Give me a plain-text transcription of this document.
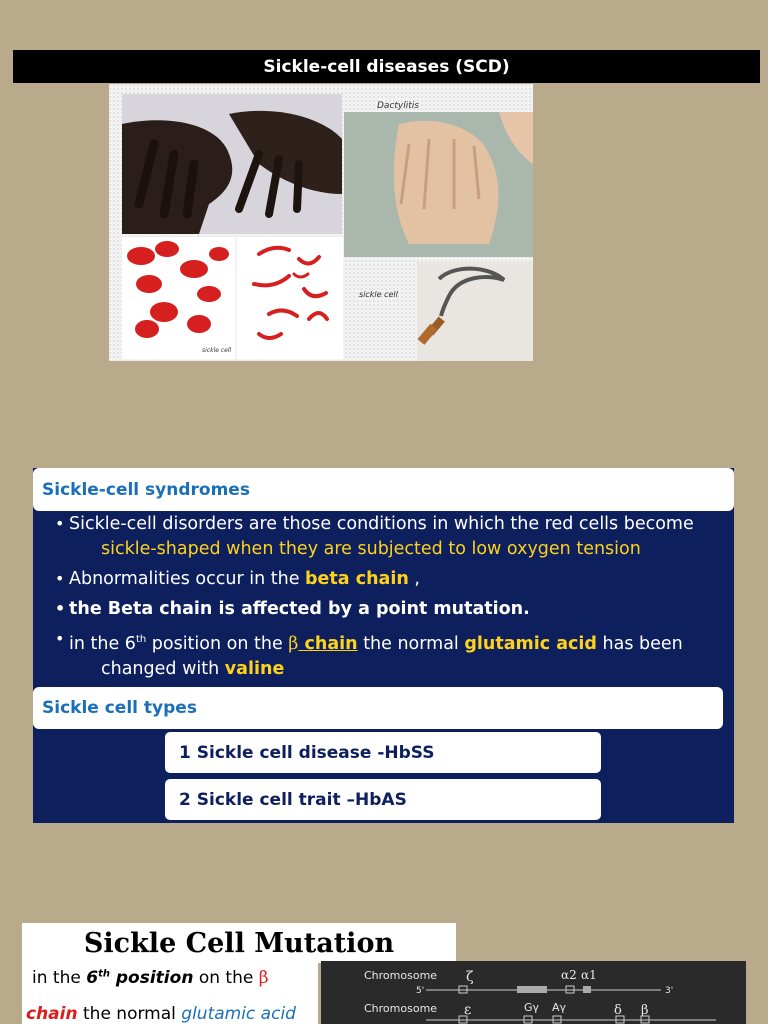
Sickle-cell diseases (SCD)
Dactylitis
sickle cell
sickle cell
Sickle-cell syndromes
• Sickle-cell disorders are those conditions in which the red cells become
sickle-shaped when they are subjected to low oxygen tension
• Abnormalities occur in the beta chain ,
• the Beta chain is affected by a point mutation.
• in the 6th position on the β chain the normal glutamic acid has been
changed with valine
Sickle cell types
1 Sickle cell disease -HbSS
2 Sickle cell trait –HbAS
Sickle Cell Mutation
in the 6th position on the β
chain the normal glutamic acid
Chromosome
5'
ζ	α2 α1
3'
Chromosome ε	Gγ Aγ	δ β
